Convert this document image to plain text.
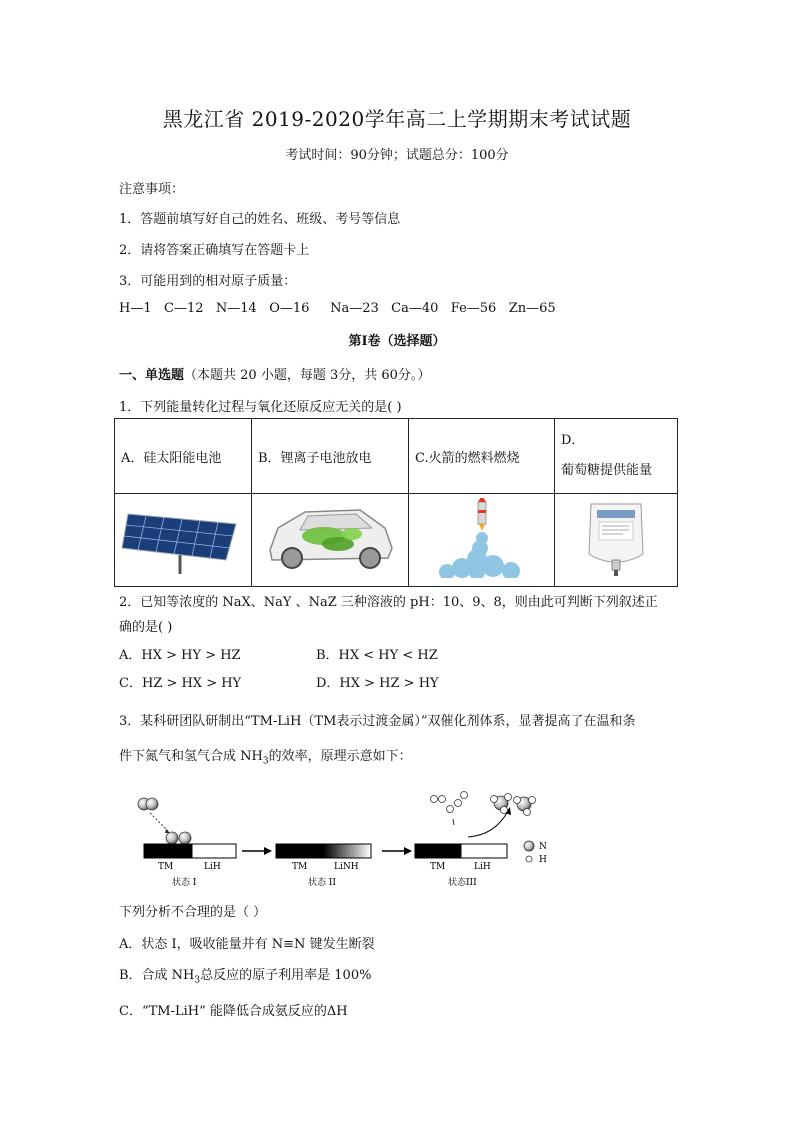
黑龙江省 2019-2020学年高二上学期期末考试试题
考试时间：90分钟；试题总分：100分
注意事项：
1．答题前填写好自己的姓名、班级、考号等信息
2．请将答案正确填写在答题卡上
3．可能用到的相对原子质量：
H—1   C—12   N—14   O—16     Na—23   Ca—40   Fe—56   Zn—65
第I卷（选择题）
一、单选题（本题共 20 小题，每题 3分，共 60分。）
1．下列能量转化过程与氧化还原反应无关的是( )
A．硅太阳能电池	B．锂离子电池放电	C.火箭的燃料燃烧	D．
葡萄糖提供能量

2．已知等浓度的 NaX、NaY 、NaZ 三种溶液的 pH：10、9、8，则由此可判断下列叙述正
确的是( )
A．HX > HY > HZ	B．HX < HY < HZ
C．HZ > HX > HY	D．HX > HZ > HY
3．某科研团队研制出“TM-LiH（TM表示过渡金属）”双催化剂体系，显著提高了在温和条
件下氮气和氢气合成 $NH_3$的效率，原理示意如下：
TM	LiH
状态 I
TM	LiNH
状态 II
TM	LiH
状态III
N
H
下列分析不合理的是（ ）
A．状态 I，吸收能量并有 N≡N 键发生断裂
B．合成 $NH_3$总反应的原子利用率是 100%
C．“TM-LiH” 能降低合成氨反应的ΔH
